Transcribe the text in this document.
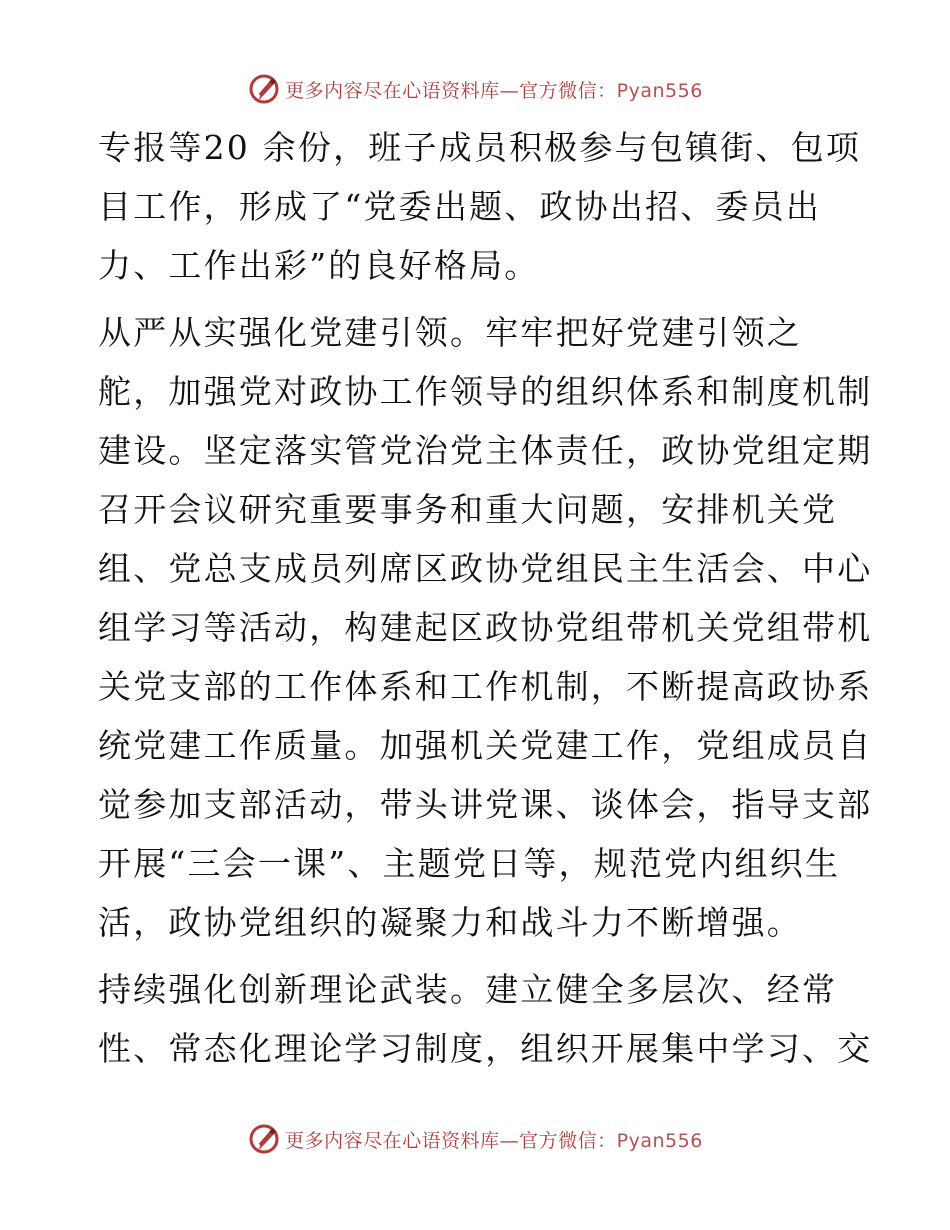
更多内容尽在心语资料库—官方微信：Pyan556
专报等20 余份，班子成员积极参与包镇街、包项
目工作，形成了“党委出题、政协出招、委员出
力、工作出彩”的良好格局。
从严从实强化党建引领。牢牢把好党建引领之
舵，加强党对政协工作领导的组织体系和制度机制
建设。坚定落实管党治党主体责任，政协党组定期
召开会议研究重要事务和重大问题，安排机关党
组、党总支成员列席区政协党组民主生活会、中心
组学习等活动，构建起区政协党组带机关党组带机
关党支部的工作体系和工作机制，不断提高政协系
统党建工作质量。加强机关党建工作，党组成员自
觉参加支部活动，带头讲党课、谈体会，指导支部
开展“三会一课”、主题党日等，规范党内组织生
活，政协党组织的凝聚力和战斗力不断增强。
持续强化创新理论武装。建立健全多层次、经常
性、常态化理论学习制度，组织开展集中学习、交
更多内容尽在心语资料库—官方微信：Pyan556
